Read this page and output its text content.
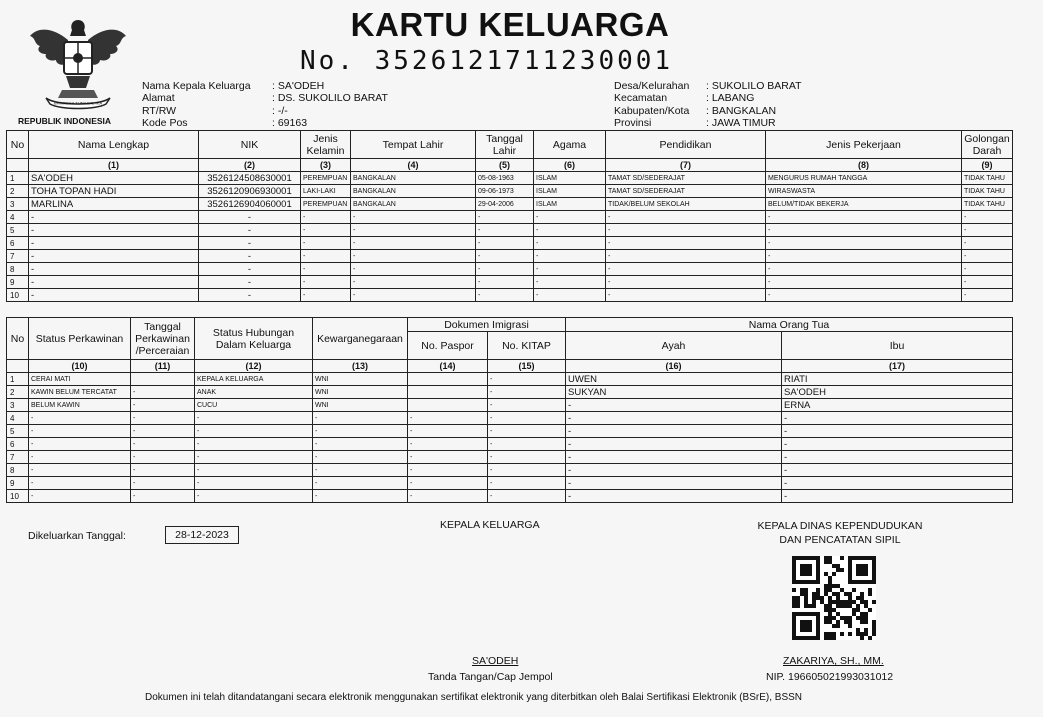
BHINNEKA TUNGGAL IKA
REPUBLIK INDONESIA
KARTU KELUARGA
No. 3526121711230001
Nama Kepala Keluarga	: SA'ODEH
Alamat	: DS. SUKOLILO BARAT
RT/RW	: -/-
Kode Pos	: 69163
Desa/Kelurahan	: SUKOLILO BARAT
Kecamatan	: LABANG
Kabupaten/Kota	: BANGKALAN
Provinsi	: JAWA TIMUR
No	Nama Lengkap	NIK	Jenis Kelamin	Tempat Lahir	Tanggal Lahir	Agama	Pendidikan	Jenis Pekerjaan	Golongan Darah
	(1)	(2)	(3)	(4)	(5)	(6)	(7)	(8)	(9)
1	SA'ODEH	3526124508630001	PEREMPUAN	BANGKALAN	05-08-1963	ISLAM	TAMAT SD/SEDERAJAT	MENGURUS RUMAH TANGGA	TIDAK TAHU
2	TOHA TOPAN HADI	3526120906930001	LAKI-LAKI	BANGKALAN	09-06-1973	ISLAM	TAMAT SD/SEDERAJAT	WIRASWASTA	TIDAK TAHU
3	MARLINA	3526126904060001	PEREMPUAN	BANGKALAN	29-04-2006	ISLAM	TIDAK/BELUM SEKOLAH	BELUM/TIDAK BEKERJA	TIDAK TAHU
4	-	-	-	-	-	-	-	-	-
5	-	-	-	-	-	-	-	-	-
6	-	-	-	-	-	-	-	-	-
7	-	-	-	-	-	-	-	-	-
8	-	-	-	-	-	-	-	-	-
9	-	-	-	-	-	-	-	-	-
10	-	-	-	-	-	-	-	-	-
No	Status Perkawinan	Tanggal Perkawinan /Perceraian	Status Hubungan Dalam Keluarga	Kewarganegaraan	Dokumen Imigrasi		Nama Orang Tua	
					No. Paspor	No. KITAP	Ayah	Ibu
	(10)	(11)	(12)	(13)	(14)	(15)	(16)	(17)
1	CERAI MATI		KEPALA KELUARGA	WNI		-	UWEN	RIATI
2	KAWIN BELUM TERCATAT	-	ANAK	WNI		-	SUKYAN	SA'ODEH
3	BELUM KAWIN	-	CUCU	WNI		-	-	ERNA
4	-	-	-	-	-	-	-	-
5	-	-	-	-	-	-	-	-
6	-	-	-	-	-	-	-	-
7	-	-	-	-	-	-	-	-
8	-	-	-	-	-	-	-	-
9	-	-	-	-	-	-	-	-
10	-	-	-	-	-	-	-	-
Dikeluarkan Tanggal:	28-12-2023
KEPALA KELUARGA	KEPALA DINAS KEPENDUDUKAN
DAN PENCATATAN SIPIL
SA'ODEH
Tanda Tangan/Cap Jempol
ZAKARIYA, SH., MM.
NIP. 196605021993031012
Dokumen ini telah ditandatangani secara elektronik menggunakan sertifikat elektronik yang diterbitkan oleh Balai Sertifikasi Elektronik (BSrE), BSSN
